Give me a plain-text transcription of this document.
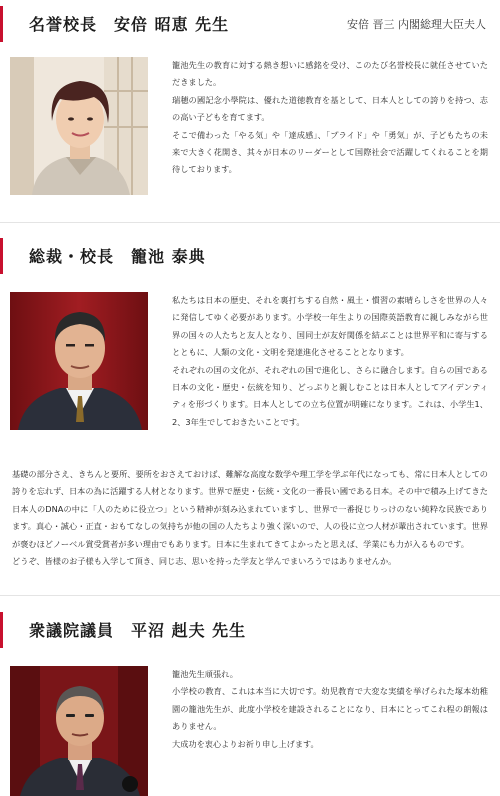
名誉校長　安倍 昭恵 先生	安倍 晋三 内閣総理大臣夫人

籠池先生の教育に対する熱き想いに感銘を受け、このたび名誉校長に就任させていただきました。

瑞穂の國記念小學院は、優れた道徳教育を基として、日本人としての誇りを持つ、志の高い子どもを育てます。

そこで備わった「やる気」や「達成感」、「プライド」や「勇気」が、子どもたちの未来で大きく花開き、其々が日本のリーダーとして国際社会で活躍してくれることを期待しております。

総裁・校長　籠池 泰典

私たちは日本の歴史、それを裏打ちする自然・風土・慣習の素晴らしさを世界の人々に発信してゆく必要があります。小学校一年生よりの国際英語教育に親しみながら世界の国々の人たちと友人となり、国同士が友好関係を結ぶことは世界平和に寄与するとともに、人類の文化・文明を発達進化させることとなります。

それぞれの国の文化が、それぞれの国で進化し、さらに融合します。自らの国である日本の文化・歴史・伝統を知り、どっぷりと親しむことは日本人としてアイデンティティを形づくります。日本人としての立ち位置が明確になります。これは、小学生1、2、3年生でしておきたいことです。

基礎の部分さえ、きちんと要所、要所をおさえておけば、難解な高度な数学や理工学を学ぶ年代になっても、常に日本人としての誇りを忘れず、日本の為に活躍する人材となります。世界で歴史・伝統・文化の一番長い國である日本。その中で積み上げてきた日本人のDNAの中に「人のために役立つ」という精神が刻み込まれていますし、世界で一番捉じりっけのない純粋な民族であります。真心・誠心・正直・おもてなしの気持ちが他の国の人たちより強く深いので、人の役に立つ人材が輩出されています。世界が褒むほどノーベル賞受賞者が多い理由でもあります。日本に生まれてきてよかったと思えば、学業にも力が入るものです。

どうぞ、皆様のお子様も入学して頂き、同じ志、思いを持った学友と学んでまいろうではありませんか。

衆議院議員　平沼 赳夫 先生

籠池先生頑張れ。

小学校の教育、これは本当に大切です。幼児教育で大変な実績を挙げられた塚本幼稚園の籠池先生が、此度小学校を建設されることになり、日本にとってこれ程の朗報はありません。

大成功を衷心よりお祈り申し上げます。
